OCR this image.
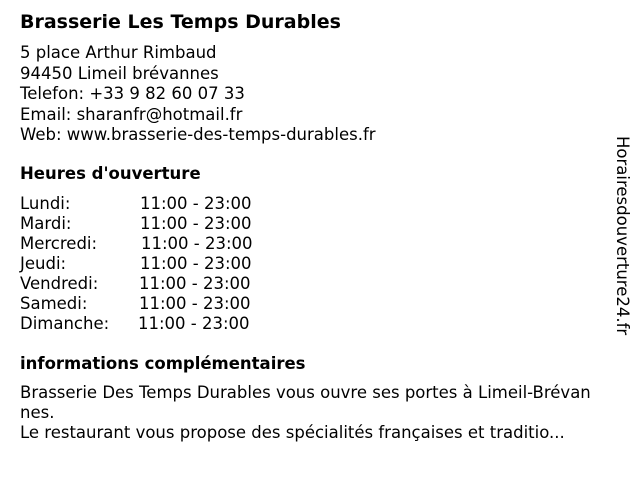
Brasserie Les Temps Durables
5 place Arthur Rimbaud
94450 Limeil brévannes
Telefon: +33 9 82 60 07 33
Email: sharanfr@hotmail.fr
Web: www.brasserie-des-temps-durables.fr
Heures d'ouverture
Lundi:	11:00 - 23:00
Mardi:	11:00 - 23:00
Mercredi:	11:00 - 23:00
Jeudi:	11:00 - 23:00
Vendredi: 11:00 - 23:00
Samedi:	11:00 - 23:00
Dimanche: 11:00 - 23:00
informations complémentaires
Brasserie Des Temps Durables vous ouvre ses portes à Limeil-Brévan
nes.
Le restaurant vous propose des spécialités françaises et traditio...
Horairesdouverture24.fr
